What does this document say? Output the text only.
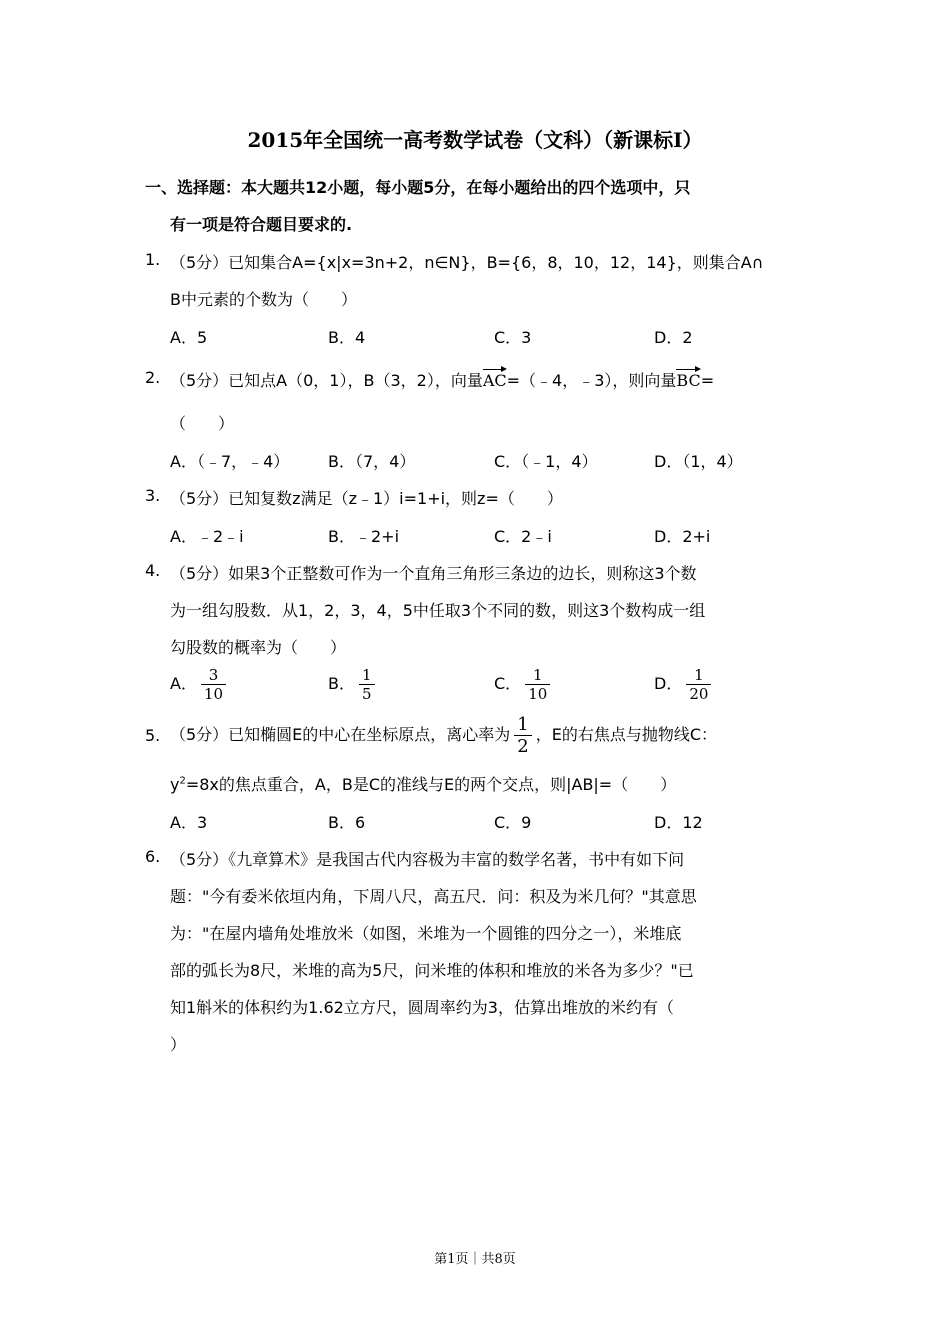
2015年全国统一高考数学试卷（文科）（新课标Ⅰ）
一、选择题：本大题共12小题，每小题5分，在每小题给出的四个选项中，只
有一项是符合题目要求的.
1. （5分）已知集合A={x|x=3n+2，n∈N}，B={6，8，10，12，14}，则集合A∩
B中元素的个数为（　　）
A．5	B．4	C．3	D．2
2. （5分）已知点A（0，1），B（3，2），向量AC=（﹣4，﹣3），则向量BC=
（　　）
A．（﹣7，﹣4） B．（7，4）	C．（﹣1，4）	D．（1，4）
3. （5分）已知复数z满足（z﹣1）i=1+i，则z=（　　）
A．﹣2﹣i	B．﹣2+i	C．2﹣i	D．2+i
4. （5分）如果3个正整数可作为一个直角三角形三条边的边长，则称这3个数
为一组勾股数．从1，2，3，4，5中任取3个不同的数，则这3个数构成一组
勾股数的概率为（　　）
A． $\frac{3}{10}$	B． $\frac{1}{5}$	C． $\frac{1}{10}$	D． $\frac{1}{20}$
5. （5分）已知椭圆E的中心在坐标原点，离心率为 $\frac{1}{2}$ ，E的右焦点与抛物线C：
$y^2=8x$的焦点重合，A，B是C的准线与E的两个交点，则|AB|=（　　）
A．3	B．6	C．9	D．12
6. （5分）《九章算术》是我国古代内容极为丰富的数学名著，书中有如下问
题："今有委米依垣内角，下周八尺，高五尺．问：积及为米几何？"其意思
为："在屋内墙角处堆放米（如图，米堆为一个圆锥的四分之一），米堆底
部的弧长为8尺，米堆的高为5尺，问米堆的体积和堆放的米各为多少？"已
知1斛米的体积约为1.62立方尺，圆周率约为3，估算出堆放的米约有（
）
第1页｜共8页
